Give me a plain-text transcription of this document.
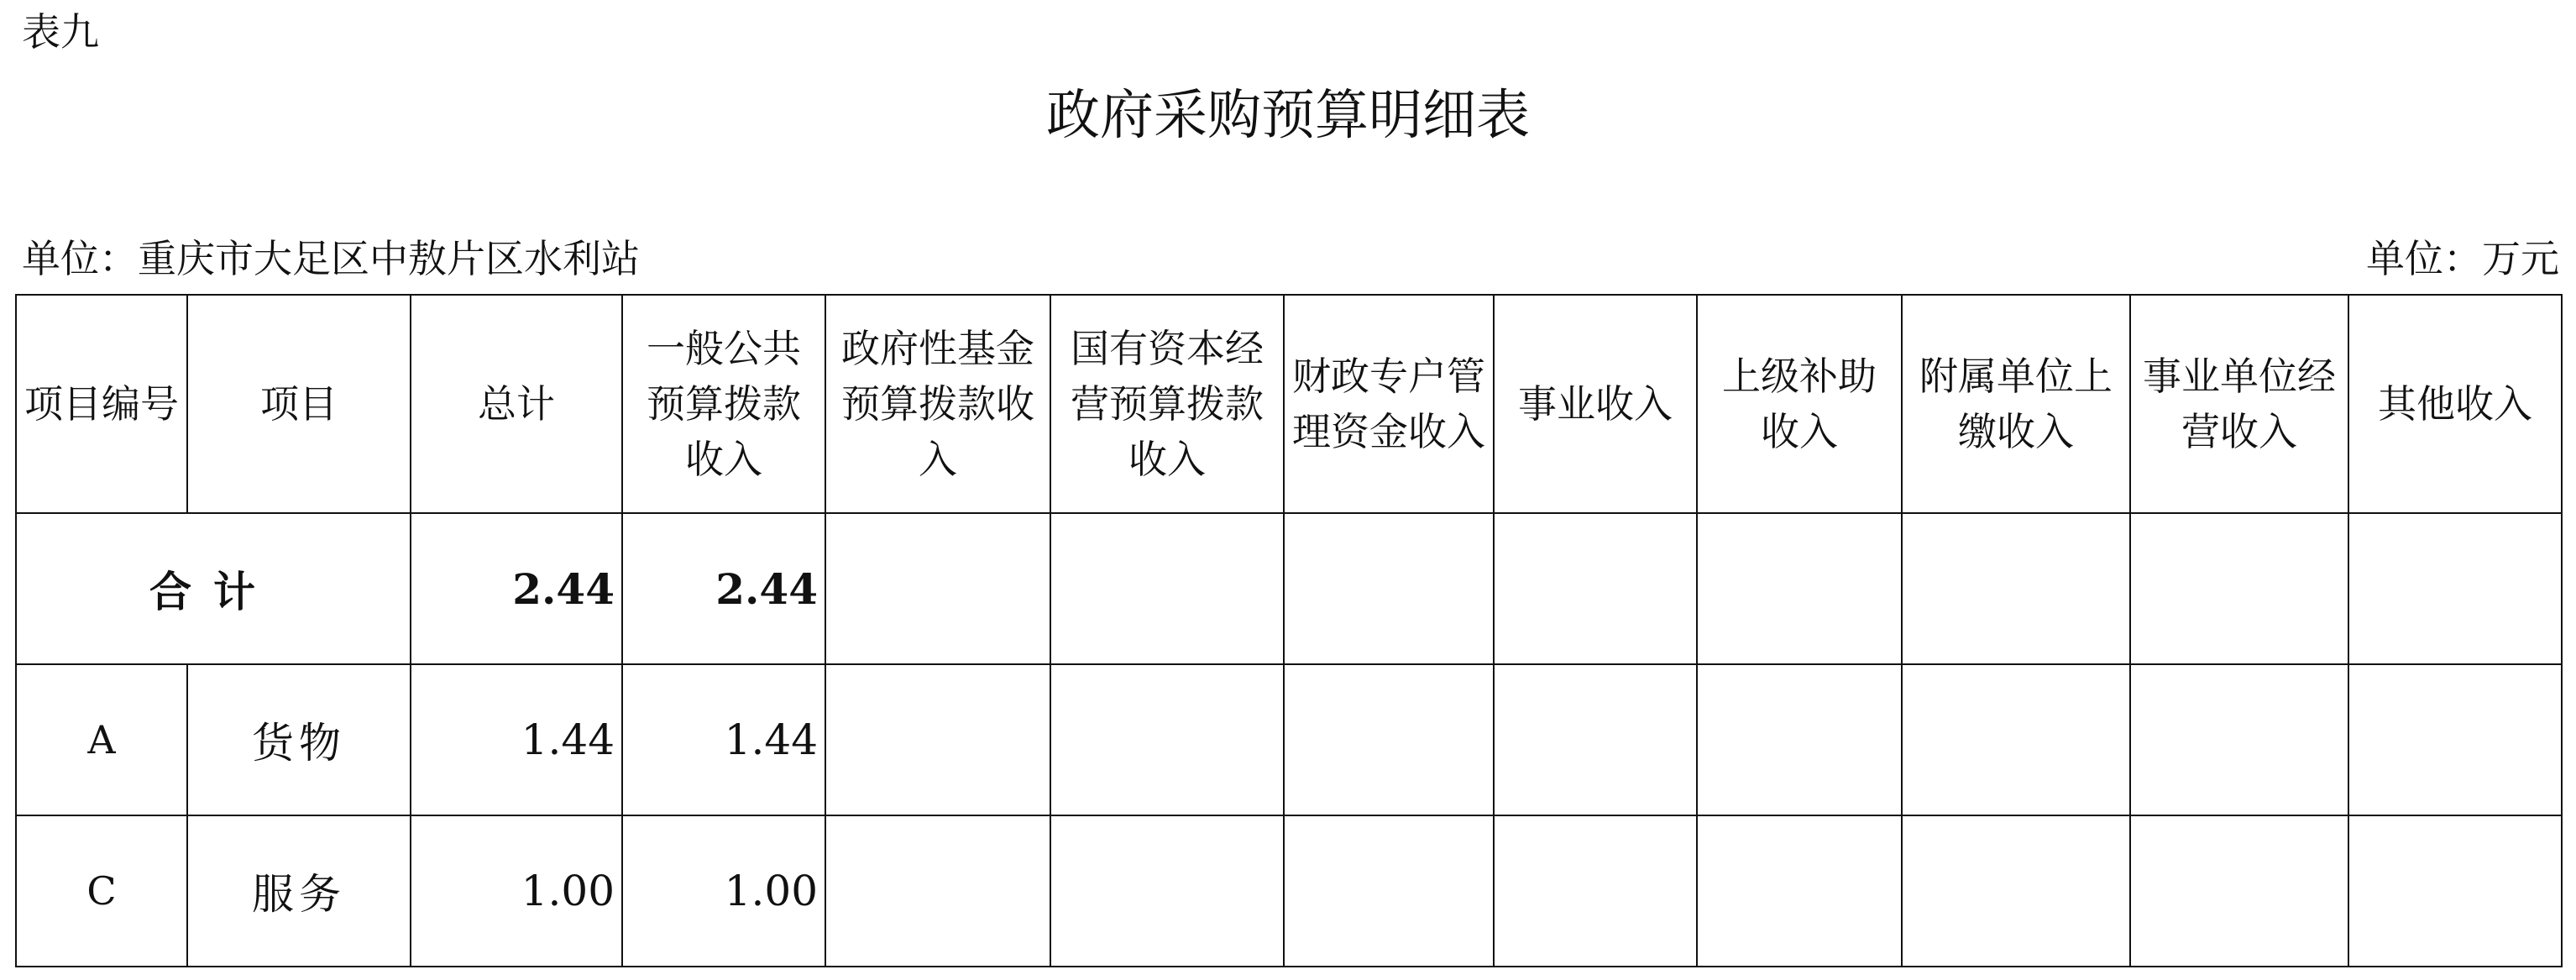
表九
政府采购预算明细表
单位：重庆市大足区中敖片区水利站	单位：万元
项目编号	项目	总计	一般公共预算拨款收入	政府性基金预算拨款收入	国有资本经营预算拨款收入	财政专户管理资金收入	事业收入	上级补助收入	附属单位上缴收入	事业单位经营收入	其他收入
合计		2.44	2.44								
A	货物	1.44	1.44								
C	服务	1.00	1.00								
